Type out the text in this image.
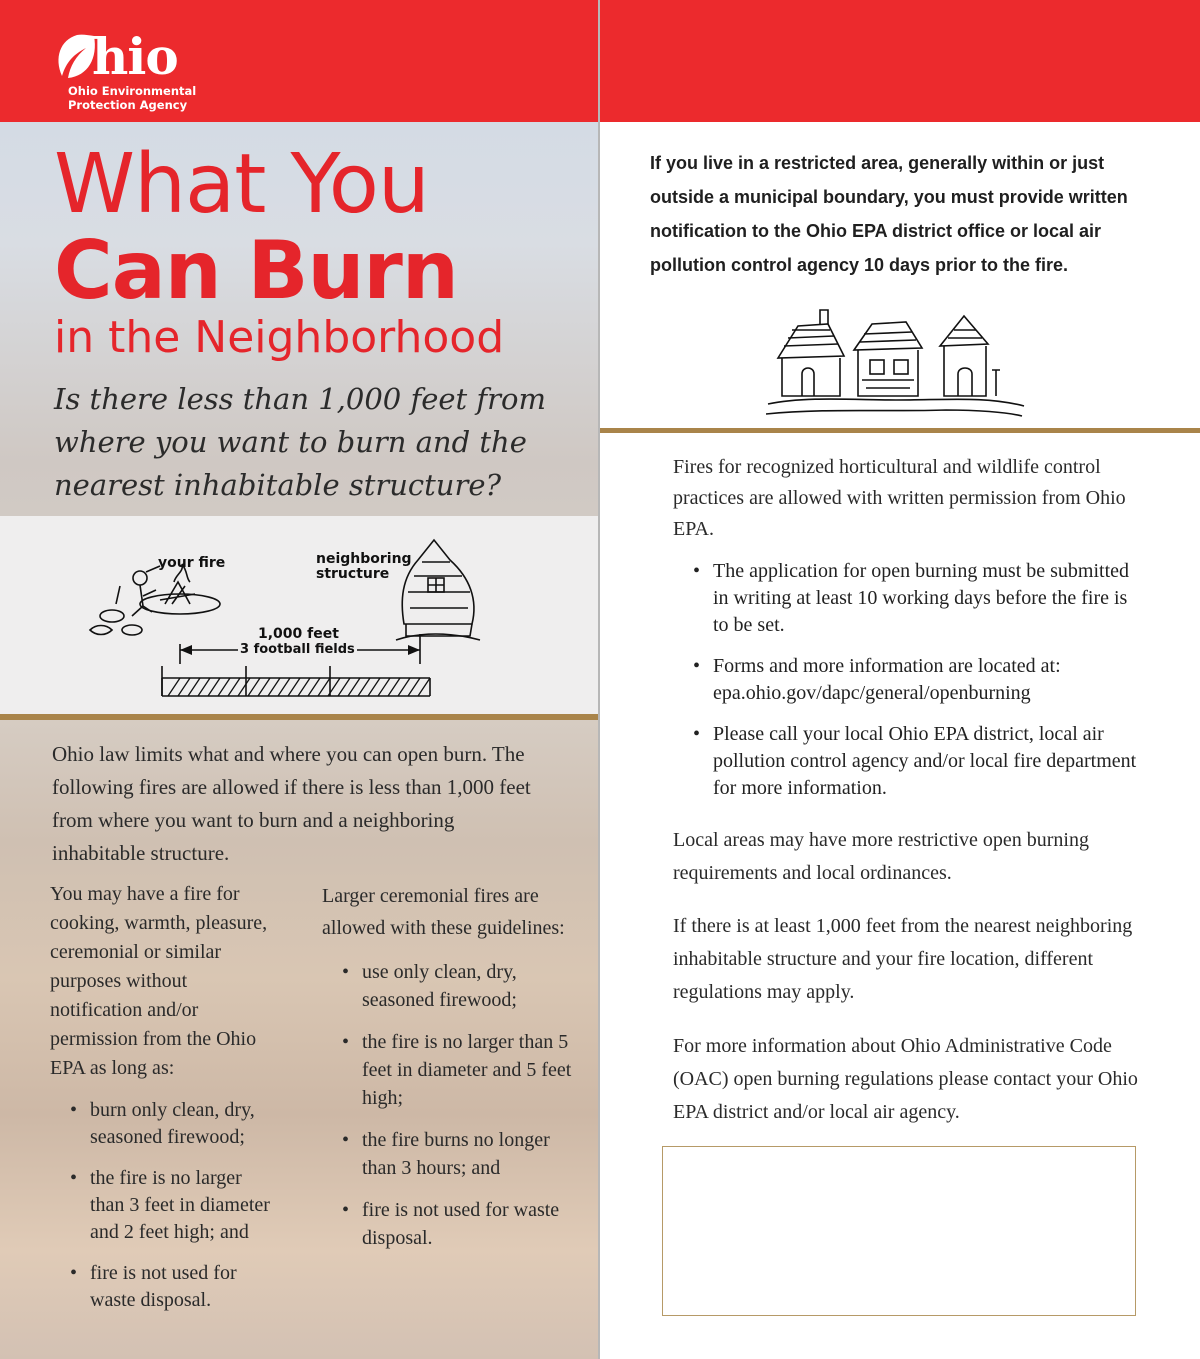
hio
Ohio Environmental
Protection Agency
What You
Can Burn
in the Neighborhood
Is there less than 1,000 feet from where you want to burn and the nearest inhabitable structure?
your fire	neighboring
structure
1,000 feet
3 football fields
Ohio law limits what and where you can open burn. The following fires are allowed if there is less than 1,000 feet from where you want to burn and a neighboring inhabitable structure.
You may have a fire for cooking, warmth, pleasure, ceremonial or similar purposes without notification and/or permission from the Ohio EPA as long as:
• burn only clean, dry, seasoned firewood;
• the fire is no larger than 3 feet in diameter and 2 feet high; and
• fire is not used for waste disposal.
Larger ceremonial fires are allowed with these guidelines:
• use only clean, dry, seasoned firewood;
• the fire is no larger than 5 feet in diameter and 5 feet high;
• the fire burns no longer than 3 hours; and
• fire is not used for waste disposal.
If you live in a restricted area, generally within or just outside a municipal boundary, you must provide written notification to the Ohio EPA district office or local air pollution control agency 10 days prior to the fire.
Fires for recognized horticultural and wildlife control practices are allowed with written permission from Ohio EPA.
• The application for open burning must be submitted in writing at least 10 working days before the fire is to be set.
• Forms and more information are located at: epa.ohio.gov/dapc/general/openburning
• Please call your local Ohio EPA district, local air pollution control agency and/or local fire department for more information.
Local areas may have more restrictive open burning requirements and local ordinances.
If there is at least 1,000 feet from the nearest neighboring inhabitable structure and your fire location, different regulations may apply.
For more information about Ohio Administrative Code (OAC) open burning regulations please contact your Ohio EPA district and/or local air agency.
